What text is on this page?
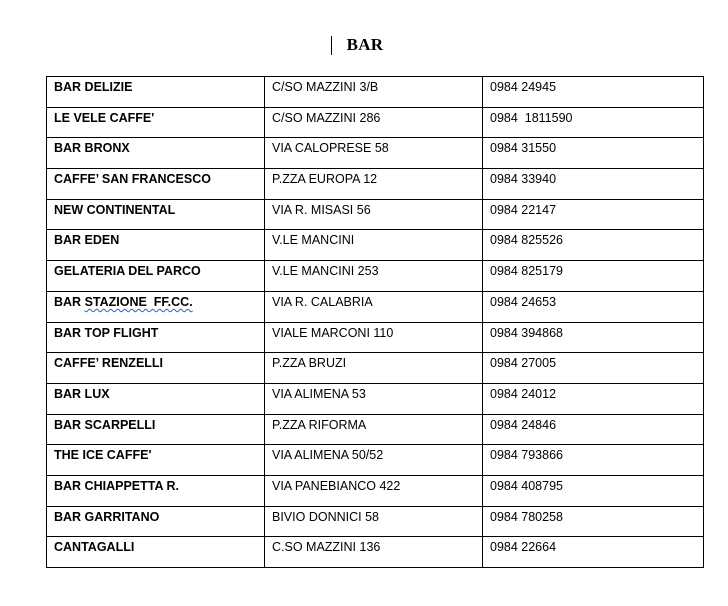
BAR
BAR DELIZIE	C/SO MAZZINI 3/B	0984 24945
LE VELE CAFFE'	C/SO MAZZINI 286	0984  1811590
BAR BRONX	VIA CALOPRESE 58	0984 31550
CAFFE’ SAN FRANCESCO	P.ZZA EUROPA 12	0984 33940
NEW CONTINENTAL	VIA R. MISASI 56	0984 22147
BAR EDEN	V.LE MANCINI	0984 825526
GELATERIA DEL PARCO	V.LE MANCINI 253	0984 825179
BAR STAZIONE  FF.CC.	VIA R. CALABRIA	0984 24653
BAR TOP FLIGHT	VIALE MARCONI 110	0984 394868
CAFFE’ RENZELLI	P.ZZA BRUZI	0984 27005
BAR LUX	VIA ALIMENA 53	0984 24012
BAR SCARPELLI	P.ZZA RIFORMA	0984 24846
THE ICE CAFFE'	VIA ALIMENA 50/52	0984 793866
BAR CHIAPPETTA R.	VIA PANEBIANCO 422	0984 408795
BAR GARRITANO	BIVIO DONNICI 58	0984 780258
CANTAGALLI	C.SO MAZZINI 136	0984 22664
